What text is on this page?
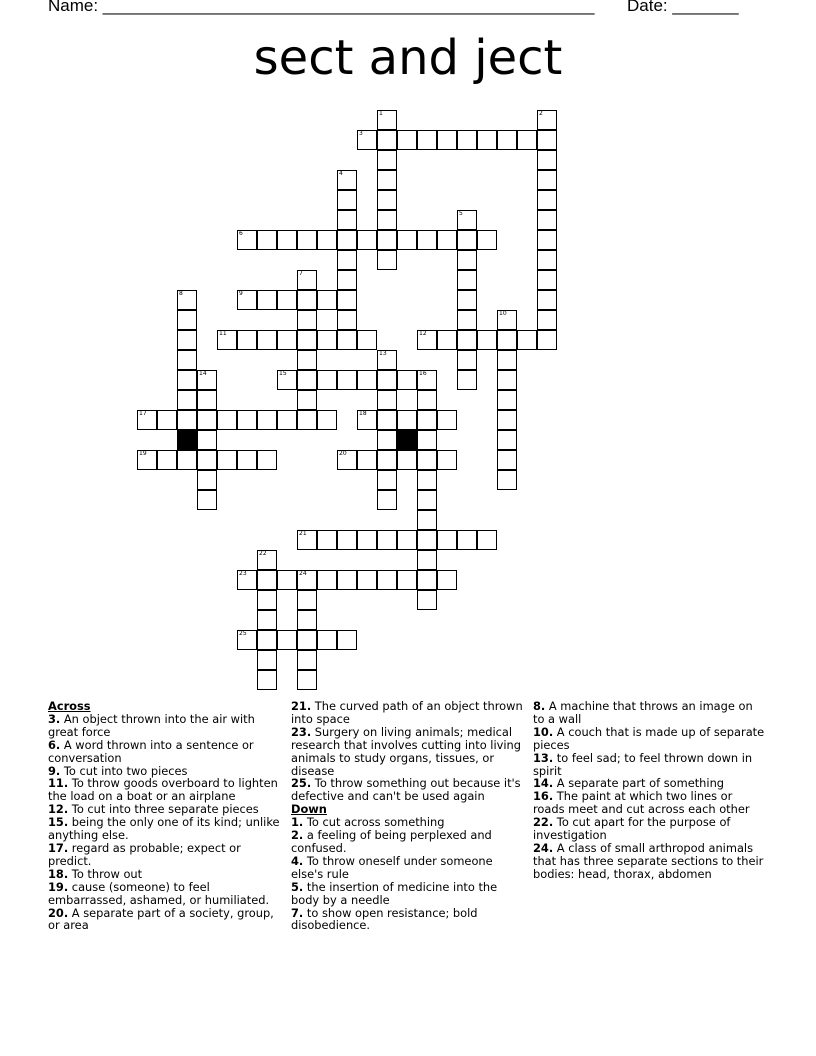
Name: ____________________________________________________ Date: _______
sect and ject
1	2
3
4
5
6
7
8	9
10
11	12
13
14	15	16
17	18
19	20
21
22
23	24
25
Across
3. An object thrown into the air with great force
6. A word thrown into a sentence or conversation
9. To cut into two pieces
11. To throw goods overboard to lighten the load on a boat or an airplane
12. To cut into three separate pieces
15. being the only one of its kind; unlike anything else.
17. regard as probable; expect or predict.
18. To throw out
19. cause (someone) to feel embarrassed, ashamed, or humiliated.
20. A separate part of a society, group, or area
21. The curved path of an object thrown into space
23. Surgery on living animals; medical research that involves cutting into living animals to study organs, tissues, or disease
25. To throw something out because it's defective and can't be used again
Down
1. To cut across something
2. a feeling of being perplexed and confused.
4. To throw oneself under someone else's rule
5. the insertion of medicine into the body by a needle
7. to show open resistance; bold disobedience.
8. A machine that throws an image on to a wall
10. A couch that is made up of separate pieces
13. to feel sad; to feel thrown down in spirit
14. A separate part of something
16. The paint at which two lines or roads meet and cut across each other
22. To cut apart for the purpose of investigation
24. A class of small arthropod animals that has three separate sections to their bodies: head, thorax, abdomen
